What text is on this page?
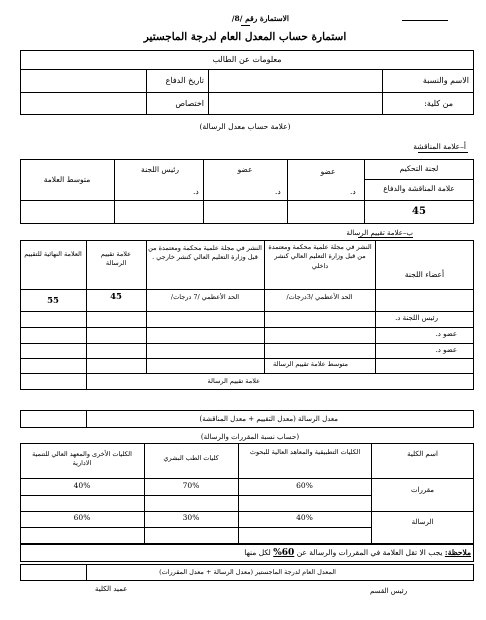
الاستمارة رقم /8/
استمارة حساب المعدل العام لدرجة الماجستير
معلومات عن الطالب
الاسم والنسبة
تاريخ الدفاع
من كلية:
اختصاص
(علامة حساب معدل الرسالة)
أ–علامة المناقشة
لجنة التحكيم
علامة المناقشة والدفاع
عضو
د.
عضو
د.
رئيس اللجنة
د.
متوسط العلامة
45
ب–علامة تقييم الرسالة
أعضاء اللجنة
النشر في مجلة علمية محكمة ومعتمدة من قبل وزارة التعليم العالي كنشر داخلي
الحد الأعظمي /3درجات/
النشر في مجلة علمية محكمة ومعتمدة من قبل وزارة التعليم العالي كنشر خارجي .
الحد الأعظمي /7 درجات/
علامة تقييم الرسالة
العلامة النهائية للتقييم
45
55
رئيس اللجنة د.
عضو د.
عضو د.
متوسط علامة تقييم الرسالة
علامة تقييم الرسالة
معدل الرسالة (معدل التقييم + معدل المناقشة)
(حساب نسبة المقررات والرسالة)
اسم الكلية
الكليات التطبيقية والمعاهد العالية للبحوث
كليات الطب البشري
الكليات الأخرى والمعهد العالي للتنمية الادارية
مقررات
60%
70%
40%
الرسالة
40%
30%
60%
ملاحظة: يجب الا تقل العلامة في المقررات والرسالة عن 60% لكل منها
المعدل العام لدرجة الماجستير (معدل الرسالة + معدل المقررات)
رئيس القسم
عميد الكلية
